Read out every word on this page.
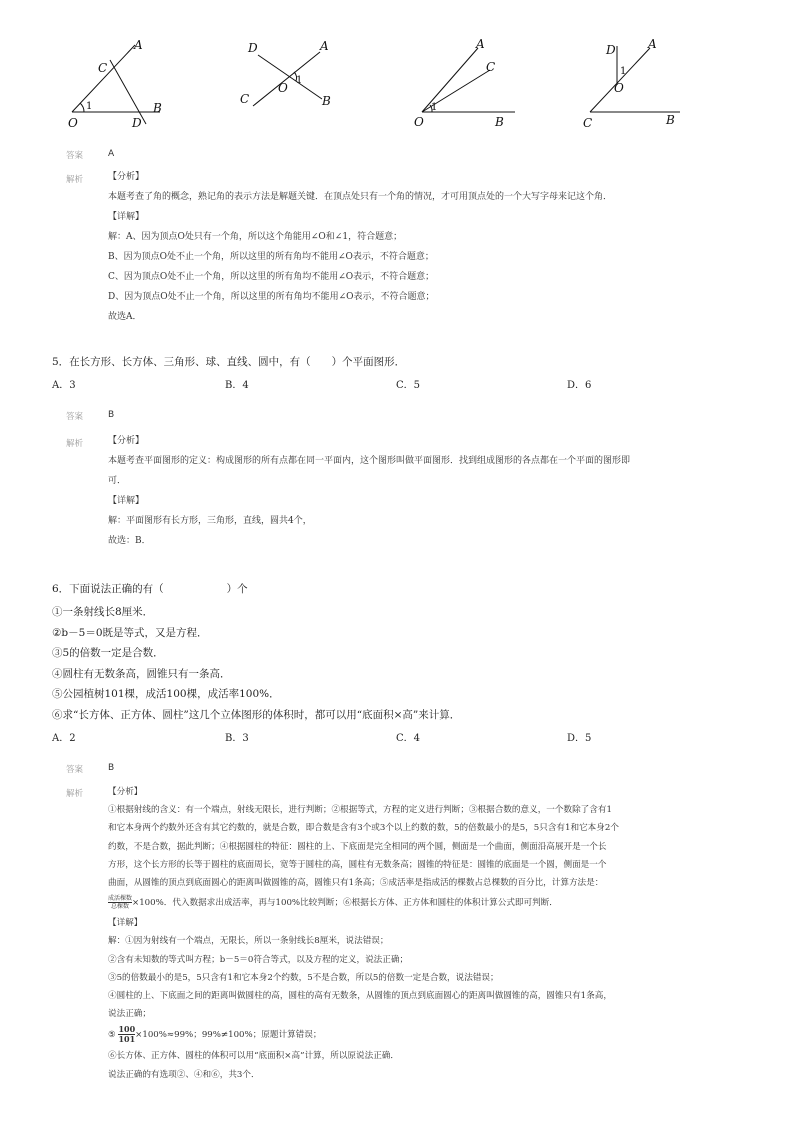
A
C
1
O	D
B
D	A
C
O
1
B
A
C
1
O	B
D	A
1
O
C	B
答案	A
解析	【分析】
本题考查了角的概念，熟记角的表示方法是解题关键．在顶点处只有一个角的情况，才可用顶点处的一个大写字母来记这个角．
【详解】
解：A、因为顶点O处只有一个角，所以这个角能用∠O和∠1，符合题意；
B、因为顶点O处不止一个角，所以这里的所有角均不能用∠O表示，不符合题意；
C、因为顶点O处不止一个角，所以这里的所有角均不能用∠O表示，不符合题意；
D、因为顶点O处不止一个角，所以这里的所有角均不能用∠O表示，不符合题意；
故选A．
5．在长方形、长方体、三角形、球、直线、圆中，有（　　）个平面图形．
A．3	B．4	C．5	D．6
答案	B
解析	【分析】
本题考查平面图形的定义：构成图形的所有点都在同一平面内，这个图形叫做平面图形．找到组成图形的各点都在一个平面的图形即
可．
【详解】
解：平面图形有长方形，三角形，直线，圆共4个，
故选：B．
6．下面说法正确的有（　　　　　　）个
①一条射线长8厘米．
②b－5＝0既是等式，又是方程．
③5的倍数一定是合数．
④圆柱有无数条高，圆锥只有一条高．
⑤公园植树101棵，成活100棵，成活率100%．
⑥求“长方体、正方体、圆柱”这几个立体图形的体积时，都可以用“底面积×高”来计算．
A．2	B．3	C．4	D．5
答案	B
解析	【分析】
①根据射线的含义：有一个端点，射线无限长，进行判断；②根据等式，方程的定义进行判断；③根据合数的意义，一个数除了含有1
和它本身两个约数外还含有其它约数的，就是合数，即合数是含有3个或3个以上约数的数，5的倍数最小的是5，5只含有1和它本身2个
约数，不是合数，据此判断；④根据圆柱的特征：圆柱的上、下底面是完全相同的两个圆，侧面是一个曲面，侧面沿高展开是一个长
方形，这个长方形的长等于圆柱的底面周长，宽等于圆柱的高，圆柱有无数条高；圆锥的特征是：圆锥的底面是一个圆，侧面是一个
曲面，从圆锥的顶点到底面圆心的距离叫做圆锥的高，圆锥只有1条高；⑤成活率是指成活的棵数占总棵数的百分比，计算方法是：
$\frac{\text{成活棵数}}{\text{总棵数}} \times 100\%$．代入数据求出成活率，再与100%比较判断；⑥根据长方体、正方体和圆柱的体积计算公式即可判断．
【详解】
解：①因为射线有一个端点，无限长，所以一条射线长8厘米，说法错误；
②含有未知数的等式叫方程；b－5＝0符合等式，以及方程的定义，说法正确；
③5的倍数最小的是5，5只含有1和它本身2个约数，5不是合数，所以5的倍数一定是合数，说法错误；
④圆柱的上、下底面之间的距离叫做圆柱的高，圆柱的高有无数条，从圆锥的顶点到底面圆心的距离叫做圆锥的高，圆锥只有1条高，
说法正确；
⑤ $\frac{100}{101} \times 100\%\approx 99\%$；99%≠100%；原题计算错误；
⑥长方体、正方体、圆柱的体积可以用“底面积×高”计算，所以原说法正确．
说法正确的有选项②、④和⑥，共3个．
